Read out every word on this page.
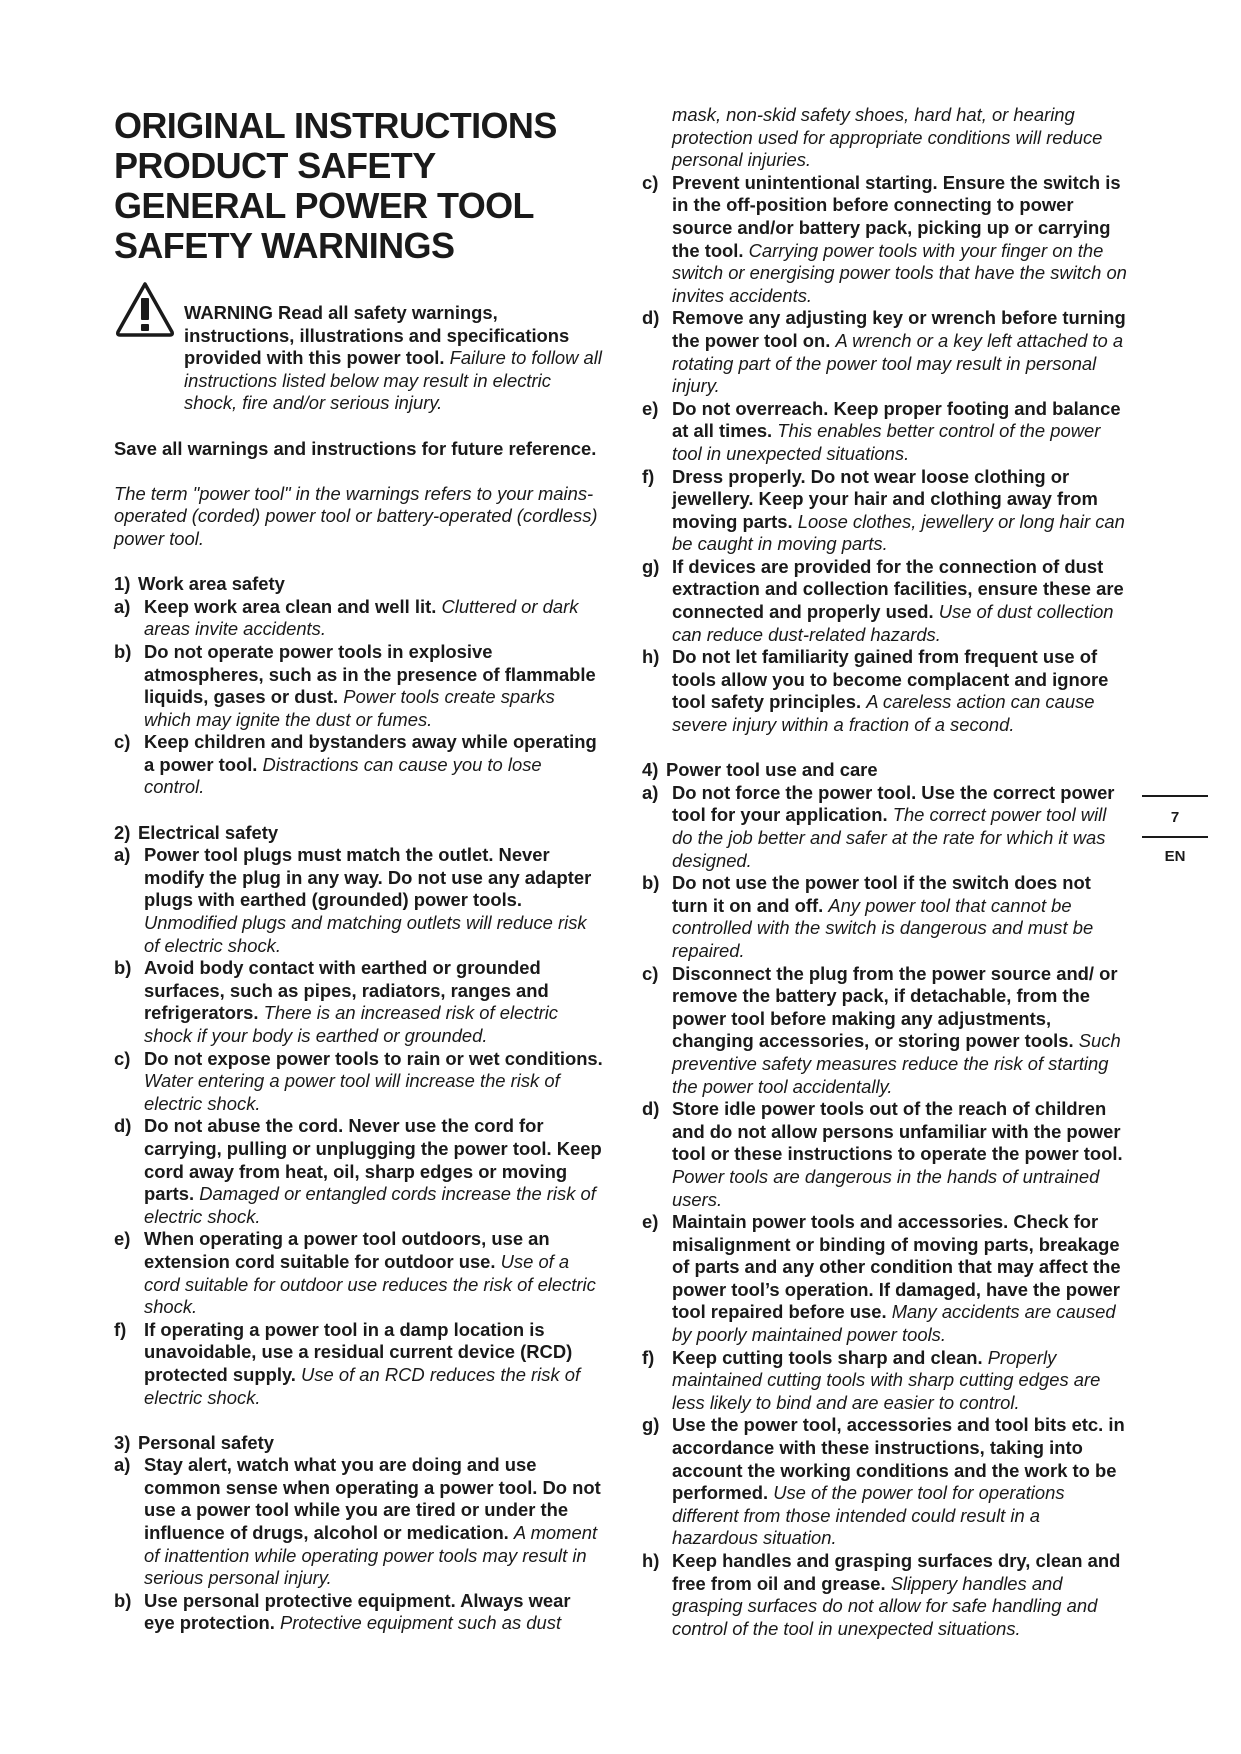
ORIGINAL INSTRUCTIONS
PRODUCT SAFETY
GENERAL POWER TOOL
SAFETY WARNINGS

WARNING Read all safety warnings, instructions, illustrations and specifications provided with this power tool. Failure to follow all instructions listed below may result in electric shock, fire and/or serious injury.

Save all warnings and instructions for future reference.

The term "power tool" in the warnings refers to your mains-operated (corded) power tool or battery-operated (cordless) power tool.

1) Work area safety

a) Keep work area clean and well lit. Cluttered or dark areas invite accidents.

b) Do not operate power tools in explosive atmospheres, such as in the presence of flammable liquids, gases or dust. Power tools create sparks which may ignite the dust or fumes.

c) Keep children and bystanders away while operating a power tool. Distractions can cause you to lose control.

2) Electrical safety

a) Power tool plugs must match the outlet. Never modify the plug in any way. Do not use any adapter plugs with earthed (grounded) power tools. Unmodified plugs and matching outlets will reduce risk of electric shock.

b) Avoid body contact with earthed or grounded surfaces, such as pipes, radiators, ranges and refrigerators. There is an increased risk of electric shock if your body is earthed or grounded.

c) Do not expose power tools to rain or wet conditions. Water entering a power tool will increase the risk of electric shock.

d) Do not abuse the cord. Never use the cord for carrying, pulling or unplugging the power tool. Keep cord away from heat, oil, sharp edges or moving parts. Damaged or entangled cords increase the risk of electric shock.

e) When operating a power tool outdoors, use an extension cord suitable for outdoor use. Use of a cord suitable for outdoor use reduces the risk of electric shock.

f) If operating a power tool in a damp location is unavoidable, use a residual current device (RCD) protected supply. Use of an RCD reduces the risk of electric shock.

3) Personal safety

a) Stay alert, watch what you are doing and use common sense when operating a power tool. Do not use a power tool while you are tired or under the influence of drugs, alcohol or medication. A moment of inattention while operating power tools may result in serious personal injury.

b) Use personal protective equipment. Always wear eye protection. Protective equipment such as dust

mask, non-skid safety shoes, hard hat, or hearing protection used for appropriate conditions will reduce personal injuries.

c) Prevent unintentional starting. Ensure the switch is in the off-position before connecting to power source and/or battery pack, picking up or carrying the tool. Carrying power tools with your finger on the switch or energising power tools that have the switch on invites accidents.

d) Remove any adjusting key or wrench before turning the power tool on. A wrench or a key left attached to a rotating part of the power tool may result in personal injury.

e) Do not overreach. Keep proper footing and balance at all times. This enables better control of the power tool in unexpected situations.

f) Dress properly. Do not wear loose clothing or jewellery. Keep your hair and clothing away from moving parts. Loose clothes, jewellery or long hair can be caught in moving parts.

g) If devices are provided for the connection of dust extraction and collection facilities, ensure these are connected and properly used. Use of dust collection can reduce dust-related hazards.

h) Do not let familiarity gained from frequent use of tools allow you to become complacent and ignore tool safety principles. A careless action can cause severe injury within a fraction of a second.

4) Power tool use and care

a) Do not force the power tool. Use the correct power tool for your application. The correct power tool will do the job better and safer at the rate for which it was designed.

b) Do not use the power tool if the switch does not turn it on and off. Any power tool that cannot be controlled with the switch is dangerous and must be repaired.

c) Disconnect the plug from the power source and/ or remove the battery pack, if detachable, from the power tool before making any adjustments, changing accessories, or storing power tools. Such preventive safety measures reduce the risk of starting the power tool accidentally.

d) Store idle power tools out of the reach of children and do not allow persons unfamiliar with the power tool or these instructions to operate the power tool. Power tools are dangerous in the hands of untrained users.

e) Maintain power tools and accessories. Check for misalignment or binding of moving parts, breakage of parts and any other condition that may affect the power tool’s operation. If damaged, have the power tool repaired before use. Many accidents are caused by poorly maintained power tools.

f) Keep cutting tools sharp and clean. Properly maintained cutting tools with sharp cutting edges are less likely to bind and are easier to control.

g) Use the power tool, accessories and tool bits etc. in accordance with these instructions, taking into account the working conditions and the work to be performed. Use of the power tool for operations different from those intended could result in a hazardous situation.

h) Keep handles and grasping surfaces dry, clean and free from oil and grease. Slippery handles and grasping surfaces do not allow for safe handling and control of the tool in unexpected situations.

7
EN
